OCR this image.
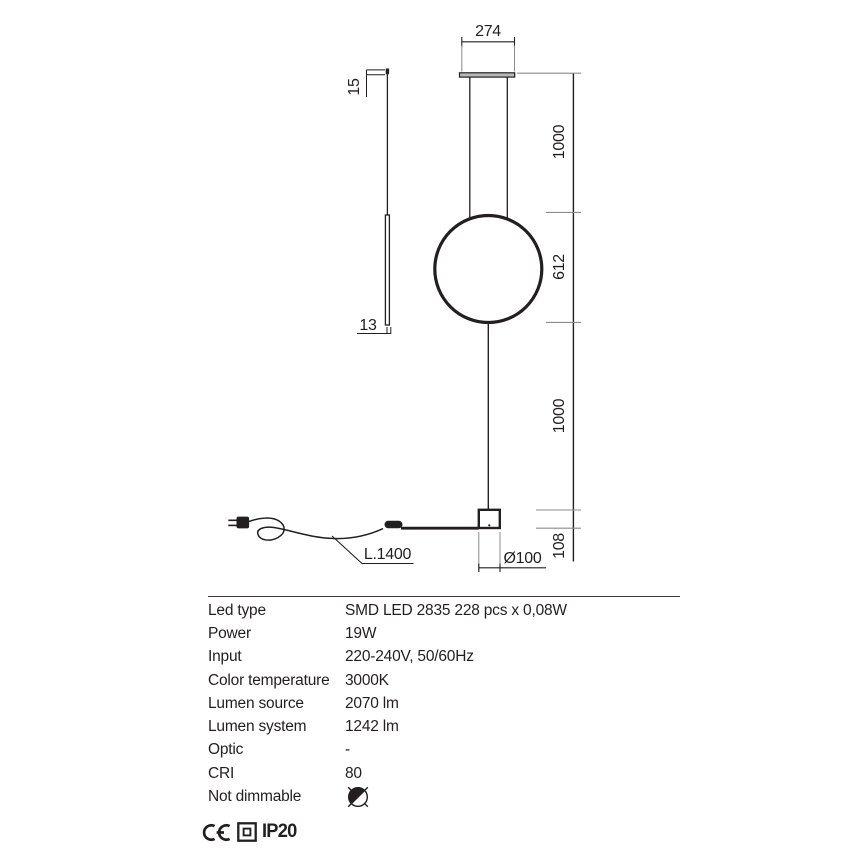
274
15
13
1000
612
1000
108
L.1400	Ø100
Led type	SMD LED 2835 228 pcs x 0,08W
Power	19W
Input	220-240V, 50/60Hz
Color temperature 3000K
Lumen source	2070 lm
Lumen system	1242 lm
Optic	-
CRI	80
Not dimmable
IP20
